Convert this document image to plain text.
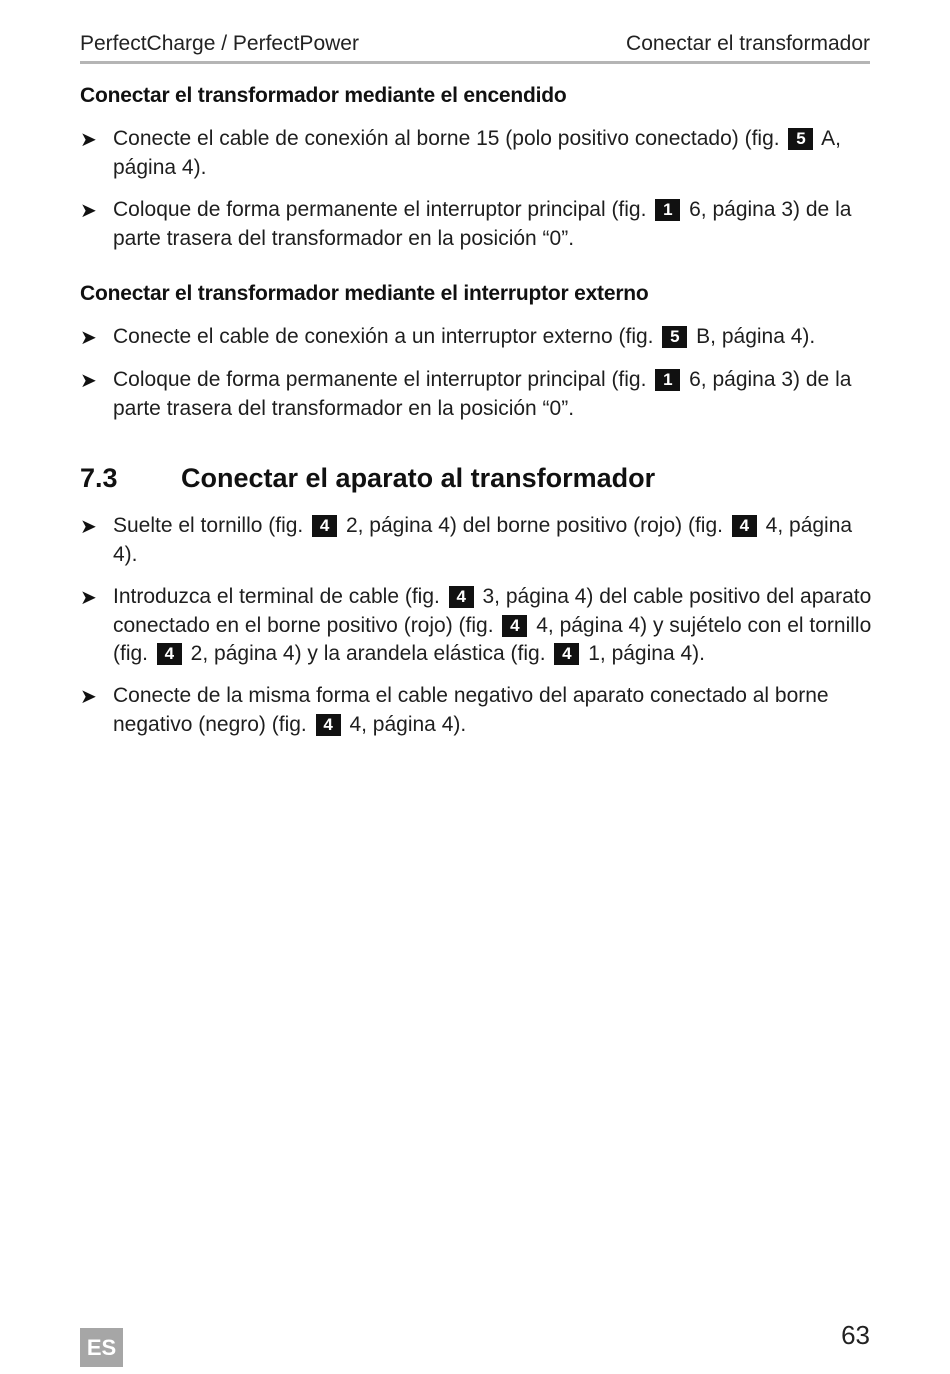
PerfectCharge / PerfectPower	Conectar el transformador
Conectar el transformador mediante el encendido
➤ Conecte el cable de conexión al borne 15 (polo positivo conectado) (fig. 5 A, página 4).
➤ Coloque de forma permanente el interruptor principal (fig. 1 6, página 3) de la parte trasera del transformador en la posición “0”.
Conectar el transformador mediante el interruptor externo
➤ Conecte el cable de conexión a un interruptor externo (fig. 5 B, página 4).
➤ Coloque de forma permanente el interruptor principal (fig. 1 6, página 3) de la parte trasera del transformador en la posición “0”.
7.3 Conectar el aparato al transformador
➤ Suelte el tornillo (fig. 4 2, página 4) del borne positivo (rojo) (fig. 4 4, página 4).
➤ Introduzca el terminal de cable (fig. 4 3, página 4) del cable positivo del aparato conectado en el borne positivo (rojo) (fig. 4 4, página 4) y sujételo con el tornillo (fig. 4 2, página 4) y la arandela elástica (fig. 4 1, página 4).
➤ Conecte de la misma forma el cable negativo del aparato conectado al borne negativo (negro) (fig. 4 4, página 4).
ES	63
